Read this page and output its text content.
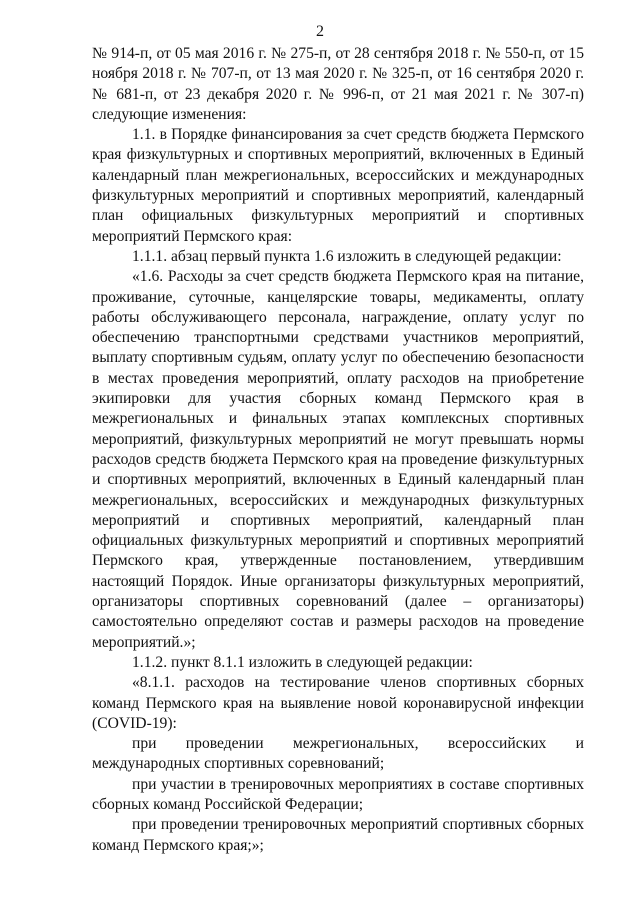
2

№ 914-п, от 05 мая 2016 г. № 275-п, от 28 сентября 2018 г. № 550-п, от 15 ноября 2018 г. № 707-п, от 13 мая 2020 г. № 325-п, от 16 сентября 2020 г. № 681-п, от 23 декабря 2020 г. № 996-п, от 21 мая 2021 г. № 307-п) следующие изменения:

1.1. в Порядке финансирования за счет средств бюджета Пермского края физкультурных и спортивных мероприятий, включенных в Единый календарный план межрегиональных, всероссийских и международных физкультурных мероприятий и спортивных мероприятий, календарный план официальных физкультурных мероприятий и спортивных мероприятий Пермского края:

1.1.1. абзац первый пункта 1.6 изложить в следующей редакции:

«1.6. Расходы за счет средств бюджета Пермского края на питание, проживание, суточные, канцелярские товары, медикаменты, оплату работы обслуживающего персонала, награждение, оплату услуг по обеспечению транспортными средствами участников мероприятий, выплату спортивным судьям, оплату услуг по обеспечению безопасности в местах проведения мероприятий, оплату расходов на приобретение экипировки для участия сборных команд Пермского края в межрегиональных и финальных этапах комплексных спортивных мероприятий, физкультурных мероприятий не могут превышать нормы расходов средств бюджета Пермского края на проведение физкультурных и спортивных мероприятий, включенных в Единый календарный план межрегиональных, всероссийских и международных физкультурных мероприятий и спортивных мероприятий, календарный план официальных физкультурных мероприятий и спортивных мероприятий Пермского края, утвержденные постановлением, утвердившим настоящий Порядок. Иные организаторы физкультурных мероприятий, организаторы спортивных соревнований (далее – организаторы) самостоятельно определяют состав и размеры расходов на проведение мероприятий.»;

1.1.2. пункт 8.1.1 изложить в следующей редакции:

«8.1.1. расходов на тестирование членов спортивных сборных команд Пермского края на выявление новой коронавирусной инфекции (COVID-19):

при проведении межрегиональных, всероссийских и международных спортивных соревнований;

при участии в тренировочных мероприятиях в составе спортивных сборных команд Российской Федерации;

при проведении тренировочных мероприятий спортивных сборных команд Пермского края;»;
